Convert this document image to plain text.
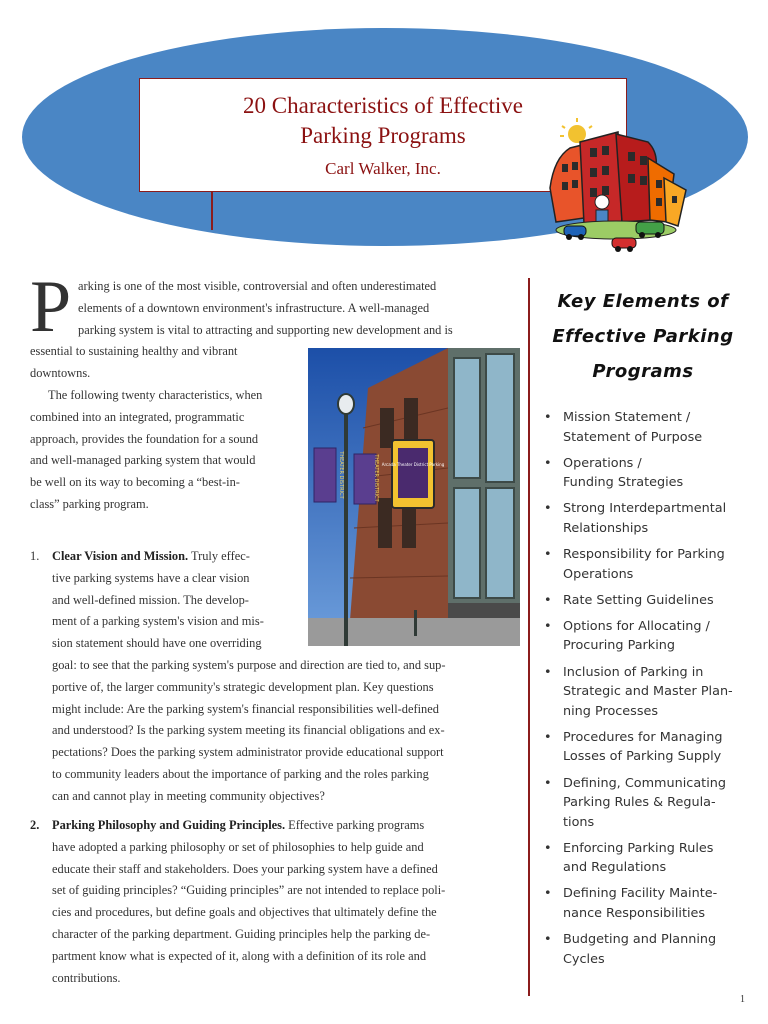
20 Characteristics of Effective
Parking Programs
Carl Walker, Inc.
P arking is one of the most visible, controversial and often underestimated
elements of a downtown environment's infrastructure. A well-managed
parking system is vital to attracting and supporting new development and is
essential to sustaining healthy and vibrant
downtowns.
The following twenty characteristics, when
combined into an integrated, programmatic
approach, provides the foundation for a sound
and well-managed parking system that would
be well on its way to becoming a “best-in-
class” parking program.
1. Clear Vision and Mission. Truly effec-
tive parking systems have a clear vision
and well-defined mission. The develop-
ment of a parking system's vision and mis-
sion statement should have one overriding
goal: to see that the parking system's purpose and direction are tied to, and sup-
portive of, the larger community's strategic development plan. Key questions
might include: Are the parking system's financial responsibilities well-defined
and understood? Is the parking system meeting its financial obligations and ex-
pectations? Does the parking system administrator provide educational support
to community leaders about the importance of parking and the roles parking
can and cannot play in meeting community objectives?
2. Parking Philosophy and Guiding Principles. Effective parking programs
have adopted a parking philosophy or set of philosophies to help guide and
educate their staff and stakeholders. Does your parking system have a defined
set of guiding principles? “Guiding principles” are not intended to replace poli-
cies and procedures, but define goals and objectives that ultimately define the
character of the parking department. Guiding principles help the parking de-
partment know what is expected of it, along with a definition of its role and
contributions.
THEATER DISTRICT	THEATER DISTRICT Arcada Theater District Parking
Key Elements of
Effective Parking
Programs
• Mission Statement /
Statement of Purpose
• Operations /
Funding Strategies
• Strong Interdepartmental
Relationships
• Responsibility for Parking
Operations
• Rate Setting Guidelines
• Options for Allocating /
Procuring Parking
• Inclusion of Parking in
Strategic and Master Plan-
ning Processes
• Procedures for Managing
Losses of Parking Supply
• Defining, Communicating
Parking Rules & Regula-
tions
• Enforcing Parking Rules
and Regulations
• Defining Facility Mainte-
nance Responsibilities
• Budgeting and Planning
Cycles
1
